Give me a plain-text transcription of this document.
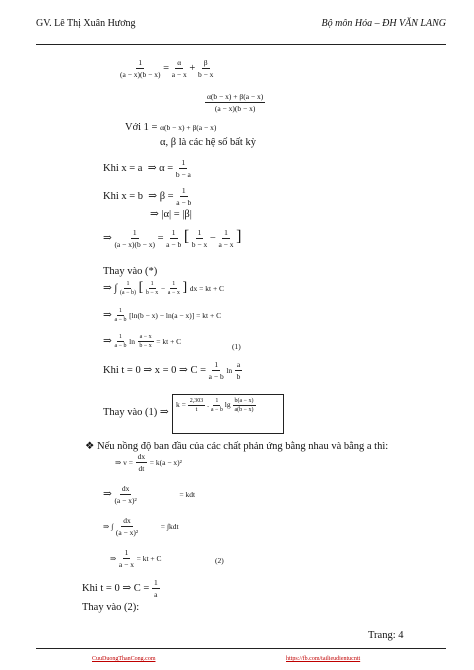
GV. Lê Thị Xuân Hương	Bộ môn Hóa – ĐH VĂN LANG
$\frac{1}{(a - x)(b - x)} = \frac{\alpha}{a - x} + \frac{\beta}{b - x}$
$\frac{\alpha(b - x) + \beta(a - x)}{(a - x)(b - x)}$
Với 1 = α(b − x) + β(a − x)
α, β là các hệ số bất kỳ
Khi x = a ⇒ $\alpha = \frac{1}{b - a}$
Khi x = b ⇒ $\beta = \frac{1}{a - b}$
⇒ |α| = |β|
⇒ $\frac{1}{(a - x)(b - x)} = \frac{1}{a - b}$ [ $\frac{1}{b - x} - \frac{1}{a - x}$ ]
Thay vào (*)
⇒ ∫ $\frac{1}{(a - b)}$ [ $\frac{1}{b - x} - \frac{1}{a - x}$ ] dx = kt + C
⇒ $\frac{1}{a - b} [\ln(b - x) - \ln(a - x)]$ = kt + C
⇒ $\frac{1}{a - b}$ $\ln \frac{a - x}{b - x}$ = kt + C
(1)
Khi t = 0 ⇒ x = 0 ⇒ $C = \frac{1}{a - b}$ $\ln \frac{a}{b}$
Thay vào (1) ⇒
$k = \frac{2,303}{t}$ . $\frac{1}{a - b}$ $\lg \frac{b(a - x)}{a(b - x)}$
❖ Nếu nồng độ ban đầu của các chất phản ứng bằng nhau và bằng a thì:
⇒ $v = \frac{dx}{dt} = k(a - x)^2$
⇒ $\frac{dx}{\text{(a − x)²}}$	= kdt
⇒ ∫ $\frac{dx}{\text{(a − x)²}}$	= ∫kdt
⇒ $\frac{1}{a - x}$ = kt + C	(2)
Khi t = 0 ⇒ $C = \frac{1}{a}$
Thay vào (2):
Trang: 4
CuuDuongThanCong.com	https://fb.com/tailieudientucntt
